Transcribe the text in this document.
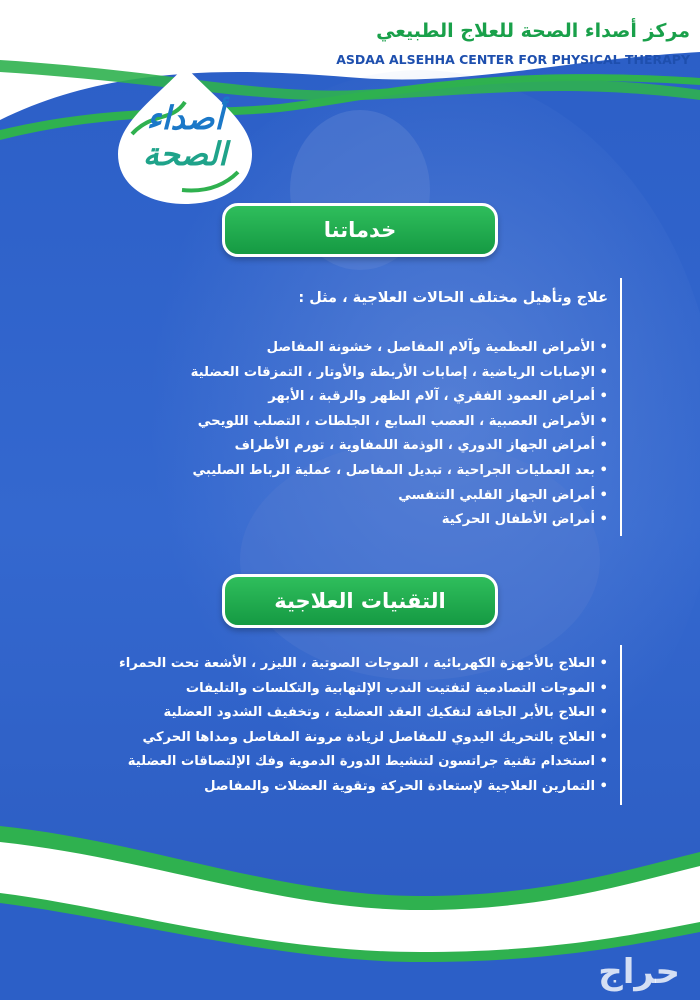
مركز أصداء الصحة للعلاج الطبيعي
ASDAA ALSEHHA CENTER FOR PHYSICAL THERAPY
أصداء
الصحة
خدماتنا
علاج وتأهيل مختلف الحالات العلاجية ، مثل :
• الأمراض العظمية وآلام المفاصل ، خشونة المفاصل
• الإصابات الرياضية ، إصابات الأربطة والأوتار ، التمزقات العضلية
• أمراض العمود الفقري ، آلام الظهر والرقبة ، الأبهر
• الأمراض العصبية ، العصب السابع ، الجلطات ، التصلب اللويحي
• أمراض الجهاز الدوري ، الوذمة اللمفاوية ، تورم الأطراف
• بعد العمليات الجراحية ، تبديل المفاصل ، عملية الرباط الصليبي
• أمراض الجهاز القلبي التنفسي
• أمراض الأطفال الحركية
التقنيات العلاجية
• العلاج بالأجهزة الكهربائية ، الموجات الصوتية ، الليزر ، الأشعة تحت الحمراء
• الموجات التصادمية لتفتيت الندب الإلتهابية والتكلسات والتليفات
• العلاج بالأبر الجافة لتفكيك العقد العضلية ، وتخفيف الشدود العضلية
• العلاج بالتحريك اليدوي للمفاصل لزيادة مرونة المفاصل ومداها الحركي
• استخدام تقنية جراتسون لتنشيط الدورة الدموية وفك الإلتصاقات العضلية
• التمارين العلاجية لإستعادة الحركة وتقوية العضلات والمفاصل
حراج
